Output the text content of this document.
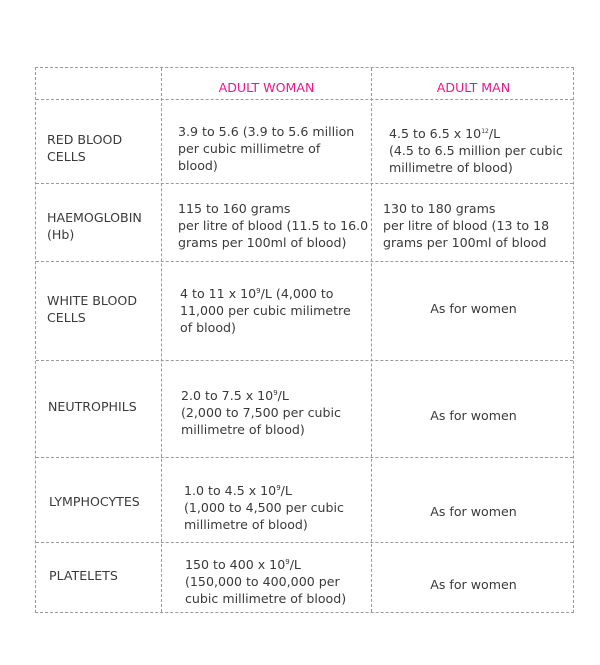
ADULT WOMAN	ADULT MAN
RED BLOOD
CELLS
3.9 to 5.6 (3.9 to 5.6 million
per cubic millimetre of
blood)
4.5 to 6.5 x $10^{12}/L$
(4.5 to 6.5 million per cubic
millimetre of blood)
HAEMOGLOBIN
(Hb)
115 to 160 grams
per litre of blood (11.5 to 16.0
grams per 100ml of blood)
130 to 180 grams
per litre of blood (13 to 18
grams per 100ml of blood
WHITE BLOOD
CELLS
4 to 11 x $10^9/L$ (4,000 to
11,000 per cubic milimetre
of blood)
As for women
NEUTROPHILS
2.0 to 7.5 x $10^9/L$
(2,000 to 7,500 per cubic
millimetre of blood)
As for women
LYMPHOCYTES
1.0 to 4.5 x $10^9/L$
(1,000 to 4,500 per cubic
millimetre of blood)
As for women
PLATELETS
150 to 400 x $10^9/L$
(150,000 to 400,000 per
cubic millimetre of blood)
As for women
